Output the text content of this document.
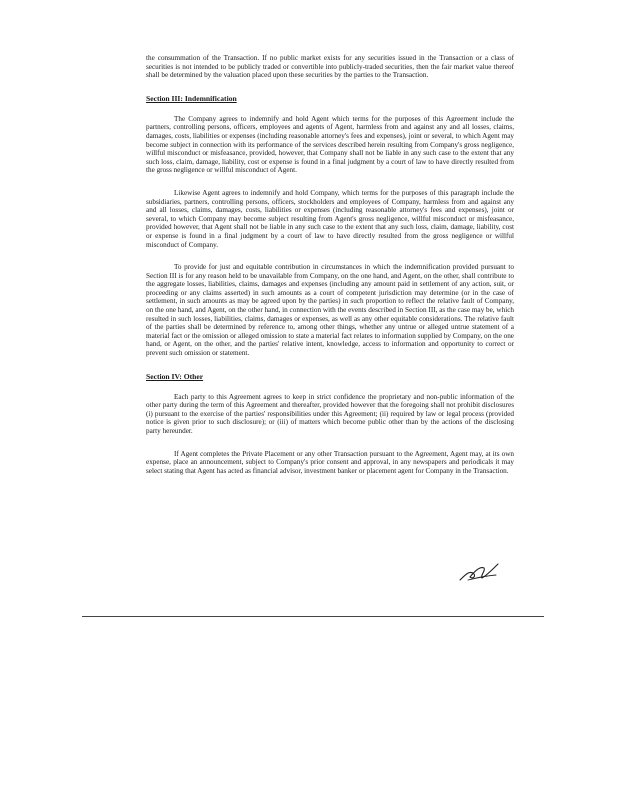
the consummation of the Transaction. If no public market exists for any securities issued in the Transaction or a class of securities is not intended to be publicly traded or convertible into publicly-traded securities, then the fair market value thereof shall be determined by the valuation placed upon these securities by the parties to the Transaction.

Section III: Indemnification

The Company agrees to indemnify and hold Agent which terms for the purposes of this Agreement include the partners, controlling persons, officers, employees and agents of Agent, harmless from and against any and all losses, claims, damages, costs, liabilities or expenses (including reasonable attorney's fees and expenses), joint or several, to which Agent may become subject in connection with its performance of the services described herein resulting from Company's gross negligence, willful misconduct or misfeasance, provided, however, that Company shall not be liable in any such case to the extent that any such loss, claim, damage, liability, cost or expense is found in a final judgment by a court of law to have directly resulted from the gross negligence or willful misconduct of Agent.

Likewise Agent agrees to indemnify and hold Company, which terms for the purposes of this paragraph include the subsidiaries, partners, controlling persons, officers, stockholders and employees of Company, harmless from and against any and all losses, claims, damages, costs, liabilities or expenses (including reasonable attorney's fees and expenses), joint or several, to which Company may become subject resulting from Agent's gross negligence, willful misconduct or misfeasance, provided however, that Agent shall not be liable in any such case to the extent that any such loss, claim, damage, liability, cost or expense is found in a final judgment by a court of law to have directly resulted from the gross negligence or willful misconduct of Company.

To provide for just and equitable contribution in circumstances in which the indemnification provided pursuant to Section III is for any reason held to be unavailable from Company, on the one hand, and Agent, on the other, shall contribute to the aggregate losses, liabilities, claims, damages and expenses (including any amount paid in settlement of any action, suit, or proceeding or any claims asserted) in such amounts as a court of competent jurisdiction may determine (or in the case of settlement, in such amounts as may be agreed upon by the parties) in such proportion to reflect the relative fault of Company, on the one hand, and Agent, on the other hand, in connection with the events described in Section III, as the case may be, which resulted in such losses, liabilities, claims, damages or expenses, as well as any other equitable considerations. The relative fault of the parties shall be determined by reference to, among other things, whether any untrue or alleged untrue statement of a material fact or the omission or alleged omission to state a material fact relates to information supplied by Company, on the one hand, or Agent, on the other, and the parties' relative intent, knowledge, access to information and opportunity to correct or prevent such omission or statement.

Section IV: Other

Each party to this Agreement agrees to keep in strict confidence the proprietary and non-public information of the other party during the term of this Agreement and thereafter, provided however that the foregoing shall not prohibit disclosures (i) pursuant to the exercise of the parties' responsibilities under this Agreement; (ii) required by law or legal process (provided notice is given prior to such disclosure); or (iii) of matters which become public other than by the actions of the disclosing party hereunder.

If Agent completes the Private Placement or any other Transaction pursuant to the Agreement, Agent may, at its own expense, place an announcement, subject to Company's prior consent and approval, in any newspapers and periodicals it may select stating that Agent has acted as financial advisor, investment banker or placement agent for Company in the Transaction.
